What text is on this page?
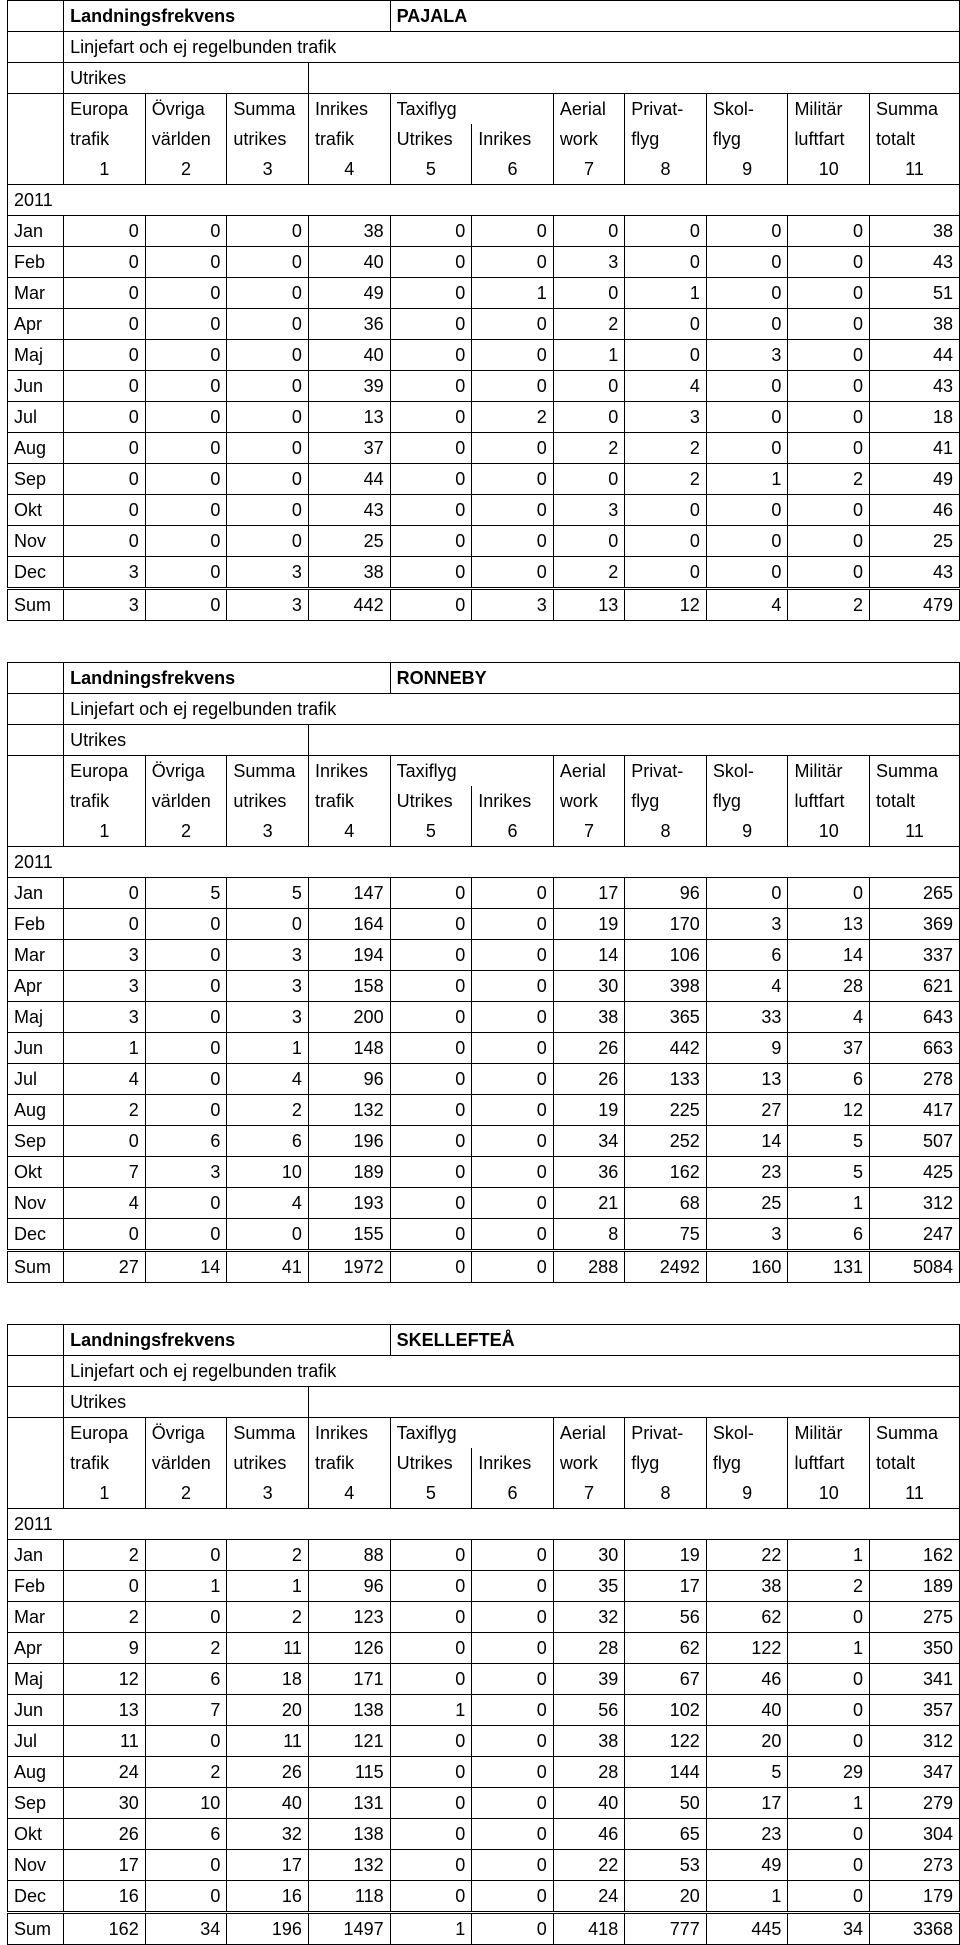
	Landningsfrekvens				PAJALA						
	Linjefart och ej regelbunden trafik										
	Utrikes										
	Europa	Övriga	Summa	Inrikes	Taxiflyg		Aerial	Privat-	Skol-	Militär	Summa
	trafik	världen	utrikes	trafik	Utrikes	Inrikes	work	flyg	flyg	luftfart	totalt
	1	2	3	4	5	6	7	8	9	10	11
2011											
Jan	0	0	0	38	0	0	0	0	0	0	38
Feb	0	0	0	40	0	0	3	0	0	0	43
Mar	0	0	0	49	0	1	0	1	0	0	51
Apr	0	0	0	36	0	0	2	0	0	0	38
Maj	0	0	0	40	0	0	1	0	3	0	44
Jun	0	0	0	39	0	0	0	4	0	0	43
Jul	0	0	0	13	0	2	0	3	0	0	18
Aug	0	0	0	37	0	0	2	2	0	0	41
Sep	0	0	0	44	0	0	0	2	1	2	49
Okt	0	0	0	43	0	0	3	0	0	0	46
Nov	0	0	0	25	0	0	0	0	0	0	25
Dec	3	0	3	38	0	0	2	0	0	0	43
Sum	3	0	3	442	0	3	13	12	4	2	479
	Landningsfrekvens				RONNEBY						
	Linjefart och ej regelbunden trafik										
	Utrikes										
	Europa	Övriga	Summa	Inrikes	Taxiflyg		Aerial	Privat-	Skol-	Militär	Summa
	trafik	världen	utrikes	trafik	Utrikes	Inrikes	work	flyg	flyg	luftfart	totalt
	1	2	3	4	5	6	7	8	9	10	11
2011											
Jan	0	5	5	147	0	0	17	96	0	0	265
Feb	0	0	0	164	0	0	19	170	3	13	369
Mar	3	0	3	194	0	0	14	106	6	14	337
Apr	3	0	3	158	0	0	30	398	4	28	621
Maj	3	0	3	200	0	0	38	365	33	4	643
Jun	1	0	1	148	0	0	26	442	9	37	663
Jul	4	0	4	96	0	0	26	133	13	6	278
Aug	2	0	2	132	0	0	19	225	27	12	417
Sep	0	6	6	196	0	0	34	252	14	5	507
Okt	7	3	10	189	0	0	36	162	23	5	425
Nov	4	0	4	193	0	0	21	68	25	1	312
Dec	0	0	0	155	0	0	8	75	3	6	247
Sum	27	14	41	1972	0	0	288	2492	160	131	5084
	Landningsfrekvens				SKELLEFTEÅ						
	Linjefart och ej regelbunden trafik										
	Utrikes										
	Europa	Övriga	Summa	Inrikes	Taxiflyg		Aerial	Privat-	Skol-	Militär	Summa
	trafik	världen	utrikes	trafik	Utrikes	Inrikes	work	flyg	flyg	luftfart	totalt
	1	2	3	4	5	6	7	8	9	10	11
2011											
Jan	2	0	2	88	0	0	30	19	22	1	162
Feb	0	1	1	96	0	0	35	17	38	2	189
Mar	2	0	2	123	0	0	32	56	62	0	275
Apr	9	2	11	126	0	0	28	62	122	1	350
Maj	12	6	18	171	0	0	39	67	46	0	341
Jun	13	7	20	138	1	0	56	102	40	0	357
Jul	11	0	11	121	0	0	38	122	20	0	312
Aug	24	2	26	115	0	0	28	144	5	29	347
Sep	30	10	40	131	0	0	40	50	17	1	279
Okt	26	6	32	138	0	0	46	65	23	0	304
Nov	17	0	17	132	0	0	22	53	49	0	273
Dec	16	0	16	118	0	0	24	20	1	0	179
Sum	162	34	196	1497	1	0	418	777	445	34	3368
